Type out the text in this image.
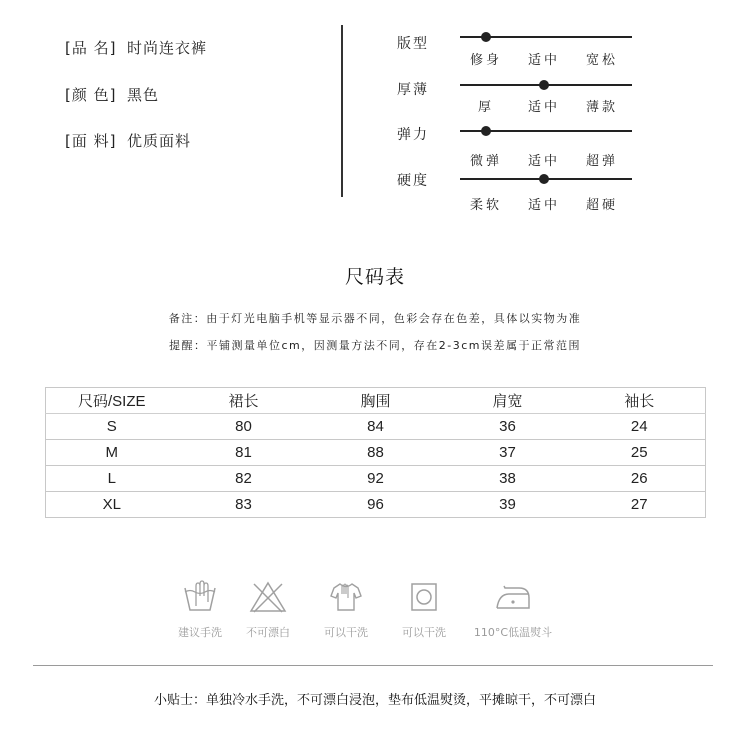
[品 名] 时尚连衣裤
[颜 色] 黑色
[面 料] 优质面料
版型
修身	适中	宽松
厚薄
厚	适中	薄款
弹力
微弹	适中	超弹
硬度
柔软	适中	超硬
尺码表
备注：由于灯光电脑手机等显示器不同，色彩会存在色差，具体以实物为准
提醒：平铺测量单位cm，因测量方法不同，存在2-3cm误差属于正常范围
尺码/SIZE	裙长	胸围	肩宽	袖长
S	80	84	36	24
M	81	88	37	25
L	82	92	38	26
XL	83	96	39	27
建议手洗	不可漂白	可以干洗	可以干洗	110°C低温熨斗
小贴士：单独冷水手洗，不可漂白浸泡，垫布低温熨烫，平摊晾干，不可漂白
